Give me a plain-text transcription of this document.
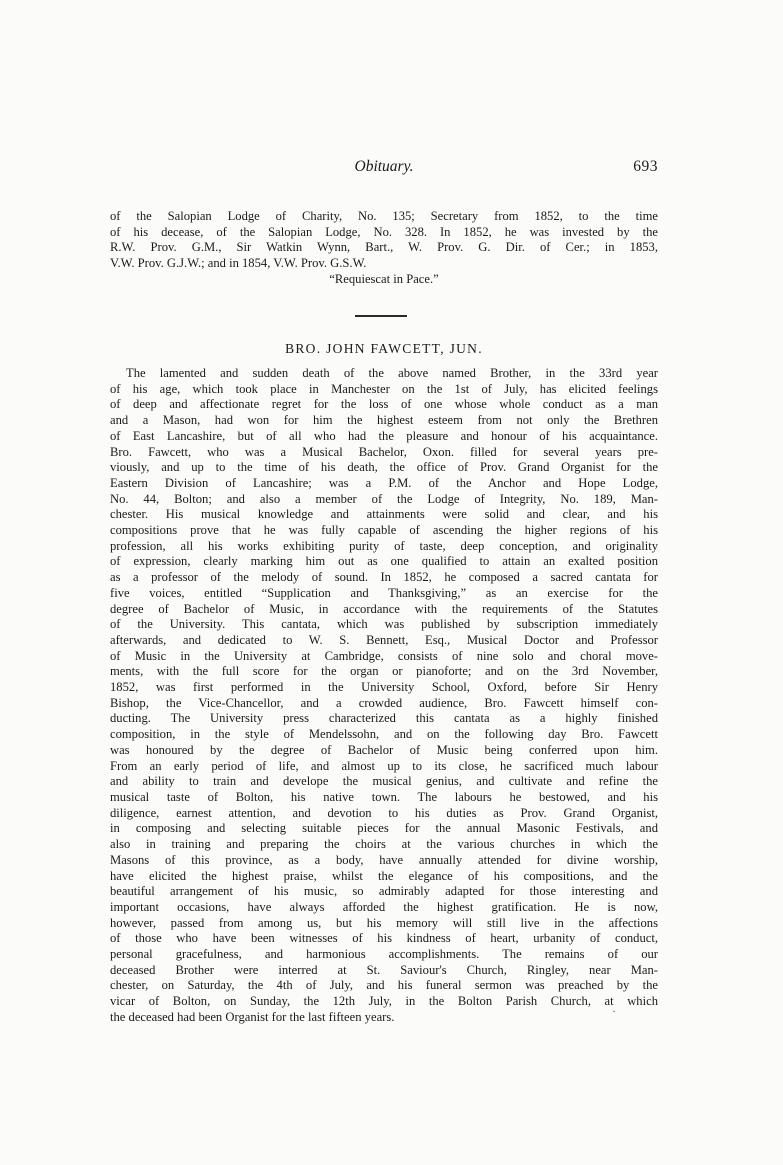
Obituary.	693
of the Salopian Lodge of Charity, No. 135; Secretary from 1852, to the time
of his decease, of the Salopian Lodge, No. 328. In 1852, he was invested by the
R.W. Prov. G.M., Sir Watkin Wynn, Bart., W. Prov. G. Dir. of Cer.; in 1853,
V.W. Prov. G.J.W.; and in 1854, V.W. Prov. G.S.W.
“Requiescat in Pace.”
BRO. JOHN FAWCETT, JUN.
The lamented and sudden death of the above named Brother, in the 33rd year
of his age, which took place in Manchester on the 1st of July, has elicited feelings
of deep and affectionate regret for the loss of one whose whole conduct as a man
and a Mason, had won for him the highest esteem from not only the Brethren
of East Lancashire, but of all who had the pleasure and honour of his acquaintance.
Bro. Fawcett, who was a Musical Bachelor, Oxon. filled for several years pre-
viously, and up to the time of his death, the office of Prov. Grand Organist for the
Eastern Division of Lancashire; was a P.M. of the Anchor and Hope Lodge,
No. 44, Bolton; and also a member of the Lodge of Integrity, No. 189, Man-
chester. His musical knowledge and attainments were solid and clear, and his
compositions prove that he was fully capable of ascending the higher regions of his
profession, all his works exhibiting purity of taste, deep conception, and originality
of expression, clearly marking him out as one qualified to attain an exalted position
as a professor of the melody of sound. In 1852, he composed a sacred cantata for
five voices, entitled “Supplication and Thanksgiving,” as an exercise for the
degree of Bachelor of Music, in accordance with the requirements of the Statutes
of the University. This cantata, which was published by subscription immediately
afterwards, and dedicated to W. S. Bennett, Esq., Musical Doctor and Professor
of Music in the University at Cambridge, consists of nine solo and choral move-
ments, with the full score for the organ or pianoforte; and on the 3rd November,
1852, was first performed in the University School, Oxford, before Sir Henry
Bishop, the Vice-Chancellor, and a crowded audience, Bro. Fawcett himself con-
ducting. The University press characterized this cantata as a highly finished
composition, in the style of Mendelssohn, and on the following day Bro. Fawcett
was honoured by the degree of Bachelor of Music being conferred upon him.
From an early period of life, and almost up to its close, he sacrificed much labour
and ability to train and develope the musical genius, and cultivate and refine the
musical taste of Bolton, his native town. The labours he bestowed, and his
diligence, earnest attention, and devotion to his duties as Prov. Grand Organist,
in composing and selecting suitable pieces for the annual Masonic Festivals, and
also in training and preparing the choirs at the various churches in which the
Masons of this province, as a body, have annually attended for divine worship,
have elicited the highest praise, whilst the elegance of his compositions, and the
beautiful arrangement of his music, so admirably adapted for those interesting and
important occasions, have always afforded the highest gratification. He is now,
however, passed from among us, but his memory will still live in the affections
of those who have been witnesses of his kindness of heart, urbanity of conduct,
personal gracefulness, and harmonious accomplishments. The remains of our
deceased Brother were interred at St. Saviour's Church, Ringley, near Man-
chester, on Saturday, the 4th of July, and his funeral sermon was preached by the
vicar of Bolton, on Sunday, the 12th July, in the Bolton Parish Church, at which
the deceased had been Organist for the last fifteen years.	·
